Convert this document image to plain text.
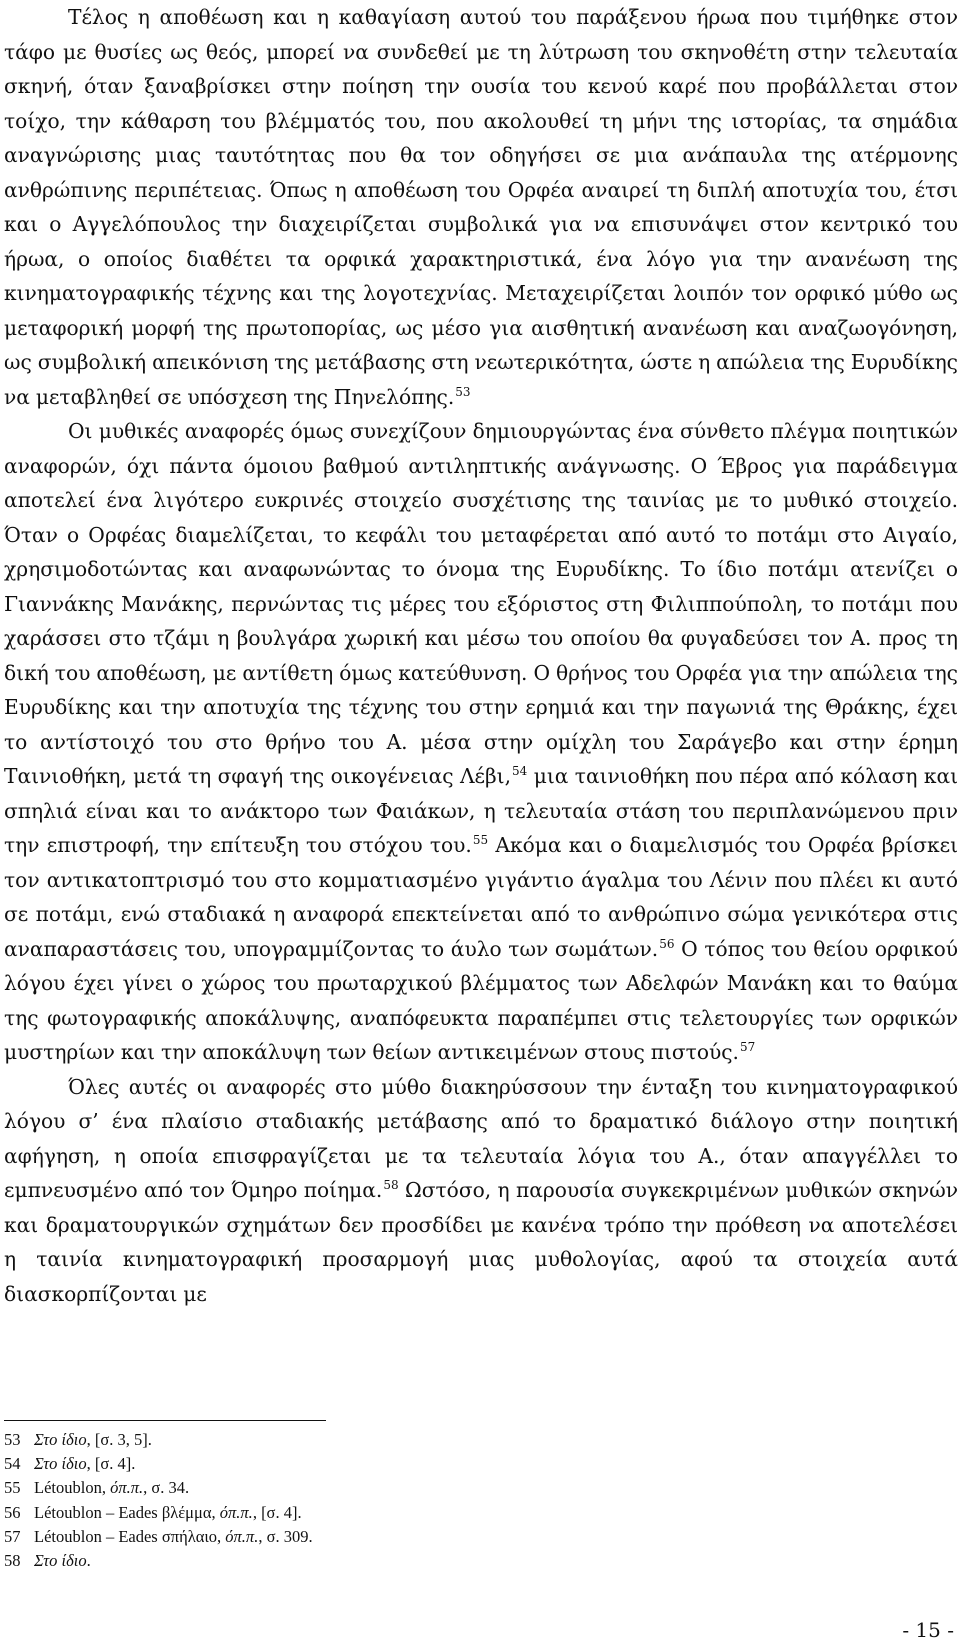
Τέλος η αποθέωση και η καθαγίαση αυτού του παράξενου ήρωα που τιμήθηκε στον τάφο με θυσίες ως θεός, μπορεί να συνδεθεί με τη λύτρωση του σκηνοθέτη στην τελευταία σκηνή, όταν ξαναβρίσκει στην ποίηση την ουσία του κενού καρέ που προβάλλεται στον τοίχο, την κάθαρση του βλέμματός του, που ακολουθεί τη μήνι της ιστορίας, τα σημάδια αναγνώρισης μιας ταυτότητας που θα τον οδηγήσει σε μια ανάπαυλα της ατέρμονης ανθρώπινης περιπέτειας. Όπως η αποθέωση του Ορφέα αναιρεί τη διπλή αποτυχία του, έτσι και ο Αγγελόπουλος την διαχειρίζεται συμβολικά για να επισυνάψει στον κεντρικό του ήρωα, ο οποίος διαθέτει τα ορφικά χαρακτηριστικά, ένα λόγο για την ανανέωση της κινηματογραφικής τέχνης και της λογοτεχνίας. Μεταχειρίζεται λοιπόν τον ορφικό μύθο ως μεταφορική μορφή της πρωτοπορίας, ως μέσο για αισθητική ανανέωση και αναζωογόνηση, ως συμβολική απεικόνιση της μετάβασης στη νεωτερικότητα, ώστε η απώλεια της Ευρυδίκης να μεταβληθεί σε υπόσχεση της Πηνελόπης.$^{53}$

Οι μυθικές αναφορές όμως συνεχίζουν δημιουργώντας ένα σύνθετο πλέγμα ποιητικών αναφορών, όχι πάντα όμοιου βαθμού αντιληπτικής ανάγνωσης. Ο Έβρος για παράδειγμα αποτελεί ένα λιγότερο ευκρινές στοιχείο συσχέτισης της ταινίας με το μυθικό στοιχείο. Όταν ο Ορφέας διαμελίζεται, το κεφάλι του μεταφέρεται από αυτό το ποτάμι στο Αιγαίο, χρησιμοδοτώντας και αναφωνώντας το όνομα της Ευρυδίκης. Το ίδιο ποτάμι ατενίζει ο Γιαννάκης Μανάκης, περνώντας τις μέρες του εξόριστος στη Φιλιππούπολη, το ποτάμι που χαράσσει στο τζάμι η βουλγάρα χωρική και μέσω του οποίου θα φυγαδεύσει τον Α. προς τη δική του αποθέωση, με αντίθετη όμως κατεύθυνση. Ο θρήνος του Ορφέα για την απώλεια της Ευρυδίκης και την αποτυχία της τέχνης του στην ερημιά και την παγωνιά της Θράκης, έχει το αντίστοιχό του στο θρήνο του Α. μέσα στην ομίχλη του Σαράγεβο και στην έρημη Ταινιοθήκη, μετά τη σφαγή της οικογένειας Λέβι,$^{54}$ μια ταινιοθήκη που πέρα από κόλαση και σπηλιά είναι και το ανάκτορο των Φαιάκων, η τελευταία στάση του περιπλανώμενου πριν την επιστροφή, την επίτευξη του στόχου του.$^{55}$ Ακόμα και ο διαμελισμός του Ορφέα βρίσκει τον αντικατοπτρισμό του στο κομματιασμένο γιγάντιο άγαλμα του Λένιν που πλέει κι αυτό σε ποτάμι, ενώ σταδιακά η αναφορά επεκτείνεται από το ανθρώπινο σώμα γενικότερα στις αναπαραστάσεις του, υπογραμμίζοντας το άυλο των σωμάτων.$^{56}$ Ο τόπος του θείου ορφικού λόγου έχει γίνει ο χώρος του πρωταρχικού βλέμματος των Αδελφών Μανάκη και το θαύμα της φωτογραφικής αποκάλυψης, αναπόφευκτα παραπέμπει στις τελετουργίες των ορφικών μυστηρίων και την αποκάλυψη των θείων αντικειμένων στους πιστούς.$^{57}$

Όλες αυτές οι αναφορές στο μύθο διακηρύσσουν την ένταξη του κινηματογραφικού λόγου σ’ ένα πλαίσιο σταδιακής μετάβασης από το δραματικό διάλογο στην ποιητική αφήγηση, η οποία επισφραγίζεται με τα τελευταία λόγια του Α., όταν απαγγέλλει το εμπνευσμένο από τον Όμηρο ποίημα.$^{58}$ Ωστόσο, η παρουσία συγκεκριμένων μυθικών σκηνών και δραματουργικών σχημάτων δεν προσδίδει με κανένα τρόπο την πρόθεση να αποτελέσει η ταινία κινηματογραφική προσαρμογή μιας μυθολογίας, αφού τα στοιχεία αυτά διασκορπίζονται με

53 Στο ίδιο, [σ. 3, 5].
54 Στο ίδιο, [σ. 4].
55 Létoublon, όπ.π., σ. 34.
56 Létoublon – Eades βλέμμα, όπ.π., [σ. 4].
57 Létoublon – Eades σπήλαιο, όπ.π., σ. 309.
58 Στο ίδιο.
- 15 -
